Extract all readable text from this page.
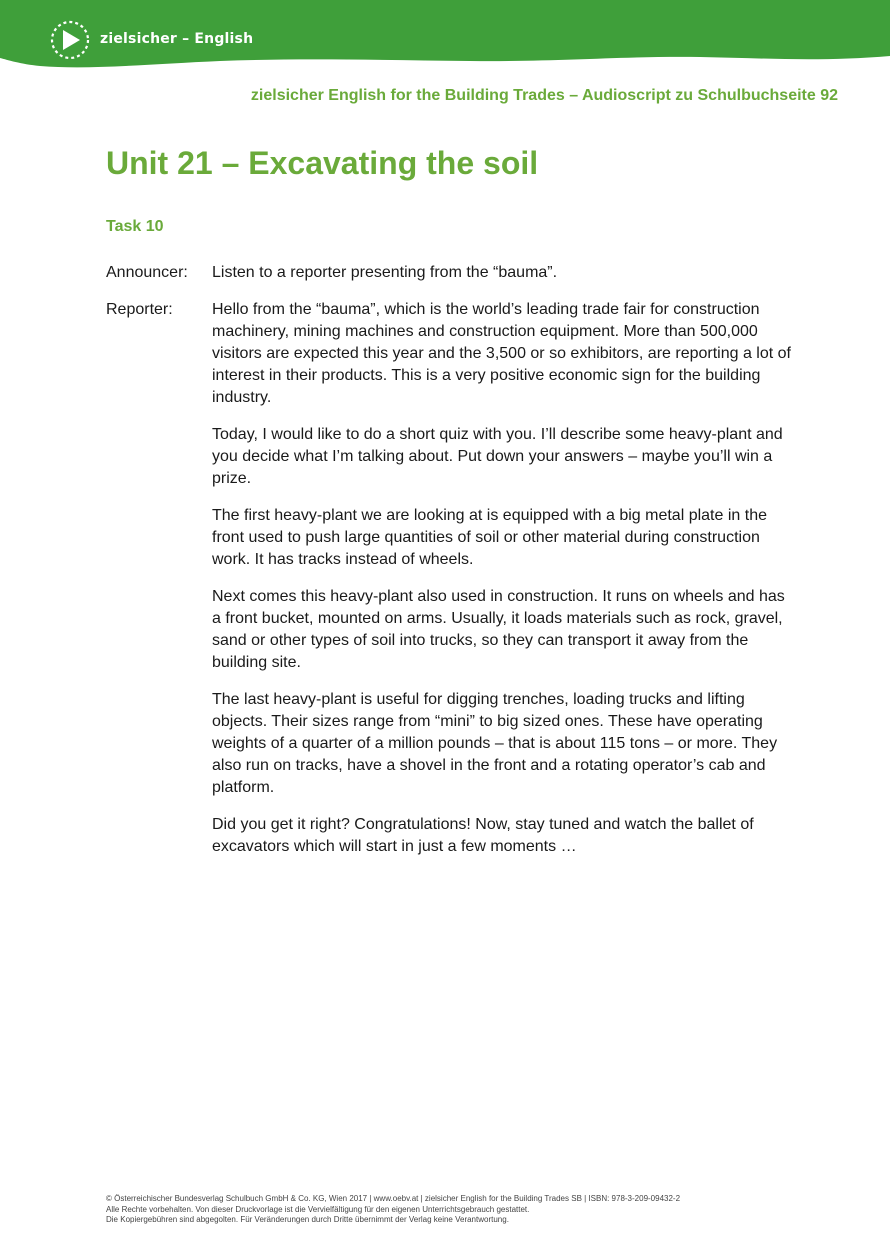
zielsicher – English
zielsicher English for the Building Trades – Audioscript zu Schulbuchseite 92
Unit 21 – Excavating the soil
Task 10
Announcer:	Listen to a reporter presenting from the “bauma”.

Reporter:	Hello from the “bauma”, which is the world’s leading trade fair for construction machinery, mining machines and construction equipment. More than 500,000 visitors are expected this year and the 3,500 or so exhibitors, are reporting a lot of interest in their products. This is a very positive economic sign for the building industry.

Today, I would like to do a short quiz with you. I’ll describe some heavy-plant and you decide what I’m talking about. Put down your answers – maybe you’ll win a prize.

The first heavy-plant we are looking at is equipped with a big metal plate in the front used to push large quantities of soil or other material during construction work. It has tracks instead of wheels.

Next comes this heavy-plant also used in construction. It runs on wheels and has a front bucket, mounted on arms. Usually, it loads materials such as rock, gravel, sand or other types of soil into trucks, so they can transport it away from the building site.

The last heavy-plant is useful for digging trenches, loading trucks and lifting objects. Their sizes range from “mini” to big sized ones. These have operating weights of a quarter of a million pounds – that is about 115 tons – or more. They also run on tracks, have a shovel in the front and a rotating operator’s cab and platform.

Did you get it right? Congratulations! Now, stay tuned and watch the ballet of excavators which will start in just a few moments …

© Österreichischer Bundesverlag Schulbuch GmbH & Co. KG, Wien 2017 | www.oebv.at | zielsicher English for the Building Trades SB | ISBN: 978-3-209-09432-2
Alle Rechte vorbehalten. Von dieser Druckvorlage ist die Vervielfältigung für den eigenen Unterrichtsgebrauch gestattet.
Die Kopiergebühren sind abgegolten. Für Veränderungen durch Dritte übernimmt der Verlag keine Verantwortung.
